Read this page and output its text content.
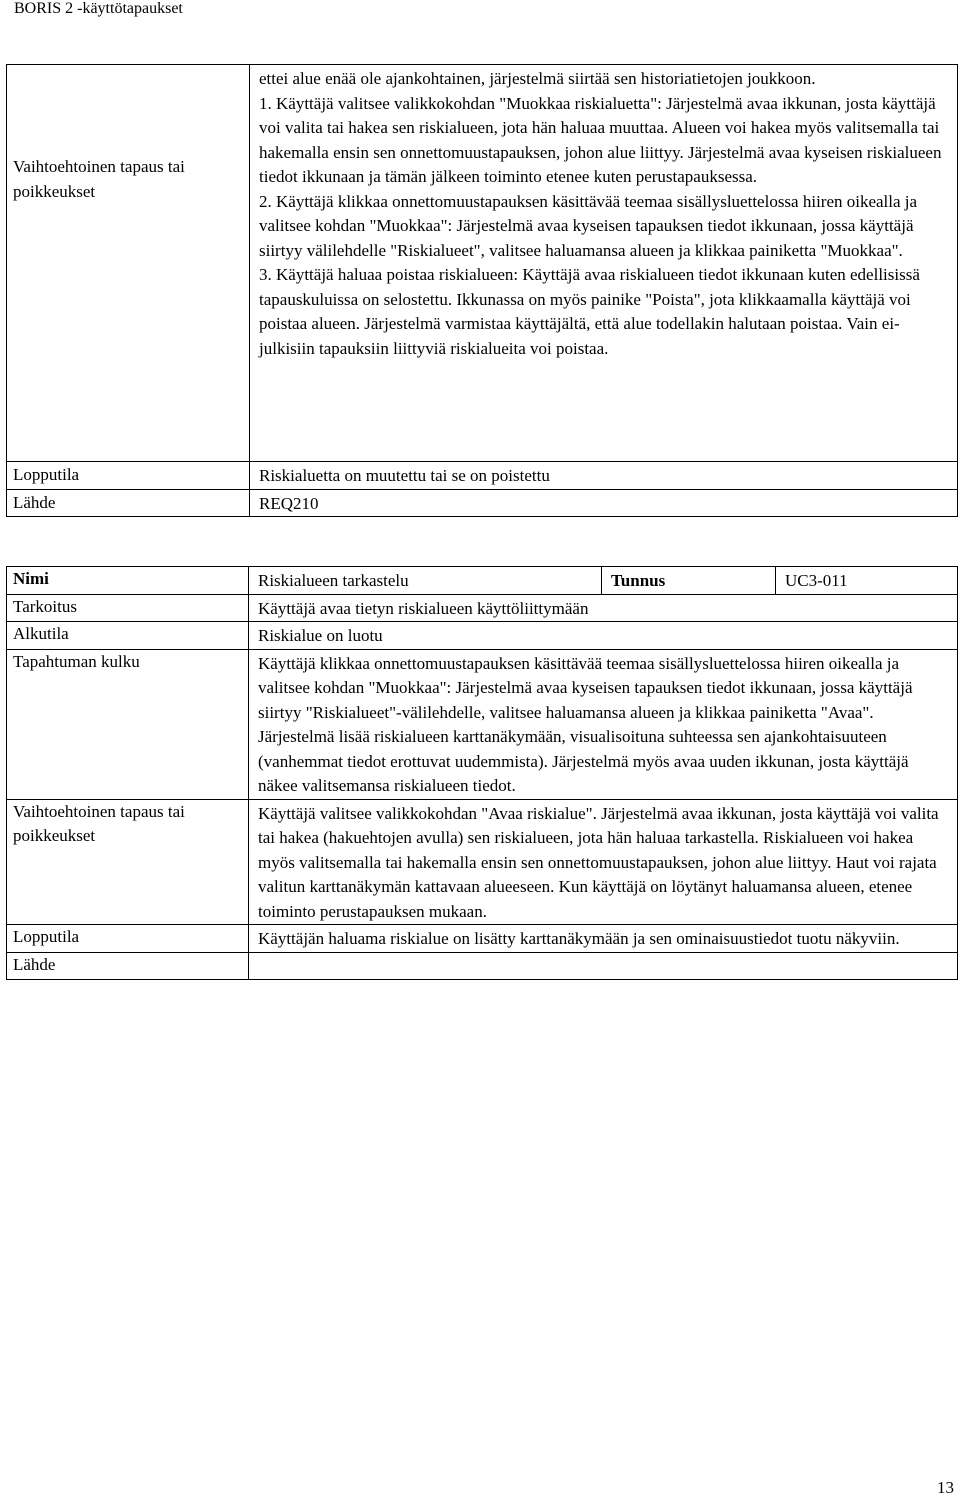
BORIS 2 -käyttötapaukset
Vaihtoehtoinen tapaus tai poikkeukset	ettei alue enää ole ajankohtainen, järjestelmä siirtää sen historiatietojen joukkoon.
1. Käyttäjä valitsee valikkokohdan "Muokkaa riskialuetta": Järjestelmä avaa ikkunan, josta käyttäjä voi valita tai hakea sen riskialueen, jota hän haluaa muuttaa. Alueen voi hakea myös valitsemalla tai hakemalla ensin sen onnettomuustapauksen, johon alue liittyy. Järjestelmä avaa kyseisen riskialueen tiedot ikkunaan ja tämän jälkeen toiminto etenee kuten perustapauksessa.
2. Käyttäjä klikkaa onnettomuustapauksen käsittävää teemaa sisällysluettelossa hiiren oikealla ja valitsee kohdan "Muokkaa": Järjestelmä avaa kyseisen tapauksen tiedot ikkunaan, jossa käyttäjä siirtyy välilehdelle "Riskialueet", valitsee haluamansa alueen ja klikkaa painiketta "Muokkaa".
3. Käyttäjä haluaa poistaa riskialueen: Käyttäjä avaa riskialueen tiedot ikkunaan kuten edellisissä tapauskuluissa on selostettu. Ikkunassa on myös painike "Poista", jota klikkaamalla käyttäjä voi poistaa alueen. Järjestelmä varmistaa käyttäjältä, että alue todellakin halutaan poistaa. Vain ei-julkisiin tapauksiin liittyviä riskialueita voi poistaa.

Lopputila	Riskialuetta on muutettu tai se on poistettu
Lähde	REQ210
Nimi	Riskialueen tarkastelu	Tunnus	UC3-011
Tarkoitus	Käyttäjä avaa tietyn riskialueen käyttöliittymään		
Alkutila	Riskialue on luotu		
Tapahtuman kulku	Käyttäjä klikkaa onnettomuustapauksen käsittävää teemaa sisällysluettelossa hiiren oikealla ja valitsee kohdan "Muokkaa": Järjestelmä avaa kyseisen tapauksen tiedot ikkunaan, jossa käyttäjä siirtyy "Riskialueet"-välilehdelle, valitsee haluamansa alueen ja klikkaa painiketta "Avaa". Järjestelmä lisää riskialueen karttanäkymään, visualisoituna suhteessa sen ajankohtaisuuteen (vanhemmat tiedot erottuvat uudemmista). Järjestelmä myös avaa uuden ikkunan, josta käyttäjä näkee valitsemansa riskialueen tiedot.		
Vaihtoehtoinen tapaus tai poikkeukset	Käyttäjä valitsee valikkokohdan "Avaa riskialue". Järjestelmä avaa ikkunan, josta käyttäjä voi valita tai hakea (hakuehtojen avulla) sen riskialueen, jota hän haluaa tarkastella. Riskialueen voi hakea myös valitsemalla tai hakemalla ensin sen onnettomuustapauksen, johon alue liittyy. Haut voi rajata valitun karttanäkymän kattavaan alueeseen. Kun käyttäjä on löytänyt haluamansa alueen, etenee toiminto perustapauksen mukaan.		
Lopputila	Käyttäjän haluama riskialue on lisätty karttanäkymään ja sen ominaisuustiedot tuotu näkyviin.		
Lähde			
13
